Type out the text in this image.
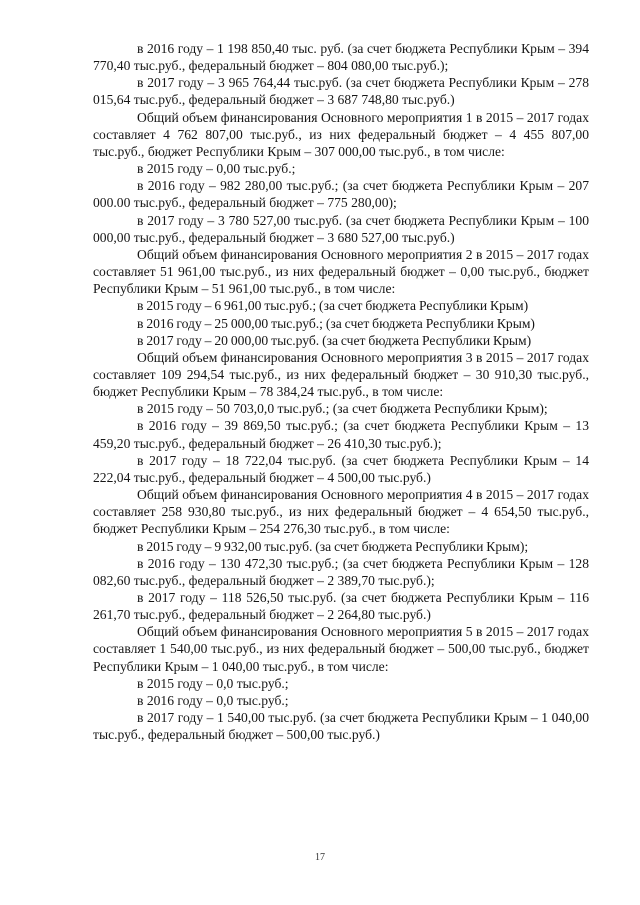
в 2016 году – 1 198 850,40 тыс. руб. (за счет бюджета Республики Крым – 394 770,40 тыс.руб., федеральный бюджет – 804 080,00 тыс.руб.);

в 2017 году – 3 965 764,44 тыс.руб. (за счет бюджета Республики Крым – 278 015,64 тыс.руб., федеральный бюджет – 3 687 748,80 тыс.руб.)

Общий объем финансирования Основного мероприятия 1 в 2015 – 2017 годах составляет 4 762 807,00 тыс.руб., из них федеральный бюджет – 4 455 807,00 тыс.руб., бюджет Республики Крым – 307 000,00 тыс.руб., в том числе:

в 2015 году – 0,00 тыс.руб.;

в 2016 году – 982 280,00 тыс.руб.; (за счет бюджета Республики Крым – 207 000.00 тыс.руб., федеральный бюджет – 775 280,00);

в 2017 году – 3 780 527,00 тыс.руб. (за счет бюджета Республики Крым – 100 000,00 тыс.руб., федеральный бюджет – 3 680 527,00 тыс.руб.)

Общий объем финансирования Основного мероприятия 2 в 2015 – 2017 годах составляет 51 961,00 тыс.руб., из них федеральный бюджет – 0,00 тыс.руб., бюджет Республики Крым – 51 961,00 тыс.руб., в том числе:

в 2015 году – 6 961,00 тыс.руб.; (за счет бюджета Республики Крым)

в 2016 году – 25 000,00 тыс.руб.; (за счет бюджета Республики Крым)

в 2017 году – 20 000,00 тыс.руб. (за счет бюджета Республики Крым)

Общий объем финансирования Основного мероприятия 3 в 2015 – 2017 годах составляет 109 294,54 тыс.руб., из них федеральный бюджет – 30 910,30 тыс.руб., бюджет Республики Крым – 78 384,24 тыс.руб., в том числе:

в 2015 году – 50 703,0,0 тыс.руб.; (за счет бюджета Республики Крым);

в 2016 году – 39 869,50 тыс.руб.; (за счет бюджета Республики Крым – 13 459,20 тыс.руб., федеральный бюджет – 26 410,30 тыс.руб.);

в 2017 году – 18 722,04 тыс.руб. (за счет бюджета Республики Крым – 14 222,04 тыс.руб., федеральный бюджет – 4 500,00 тыс.руб.)

Общий объем финансирования Основного мероприятия 4 в 2015 – 2017 годах составляет 258 930,80 тыс.руб., из них федеральный бюджет – 4 654,50 тыс.руб., бюджет Республики Крым – 254 276,30 тыс.руб., в том числе:

в 2015 году – 9 932,00 тыс.руб. (за счет бюджета Республики Крым);

в 2016 году – 130 472,30 тыс.руб.; (за счет бюджета Республики Крым – 128 082,60 тыс.руб., федеральный бюджет – 2 389,70 тыс.руб.);

в 2017 году – 118 526,50 тыс.руб. (за счет бюджета Республики Крым – 116 261,70 тыс.руб., федеральный бюджет – 2 264,80 тыс.руб.)

Общий объем финансирования Основного мероприятия 5 в 2015 – 2017 годах составляет 1 540,00 тыс.руб., из них федеральный бюджет – 500,00 тыс.руб., бюджет Республики Крым – 1 040,00 тыс.руб., в том числе:

в 2015 году – 0,0 тыс.руб.;

в 2016 году – 0,0 тыс.руб.;

в 2017 году – 1 540,00 тыс.руб. (за счет бюджета Республики Крым – 1 040,00 тыс.руб., федеральный бюджет – 500,00 тыс.руб.)

17
